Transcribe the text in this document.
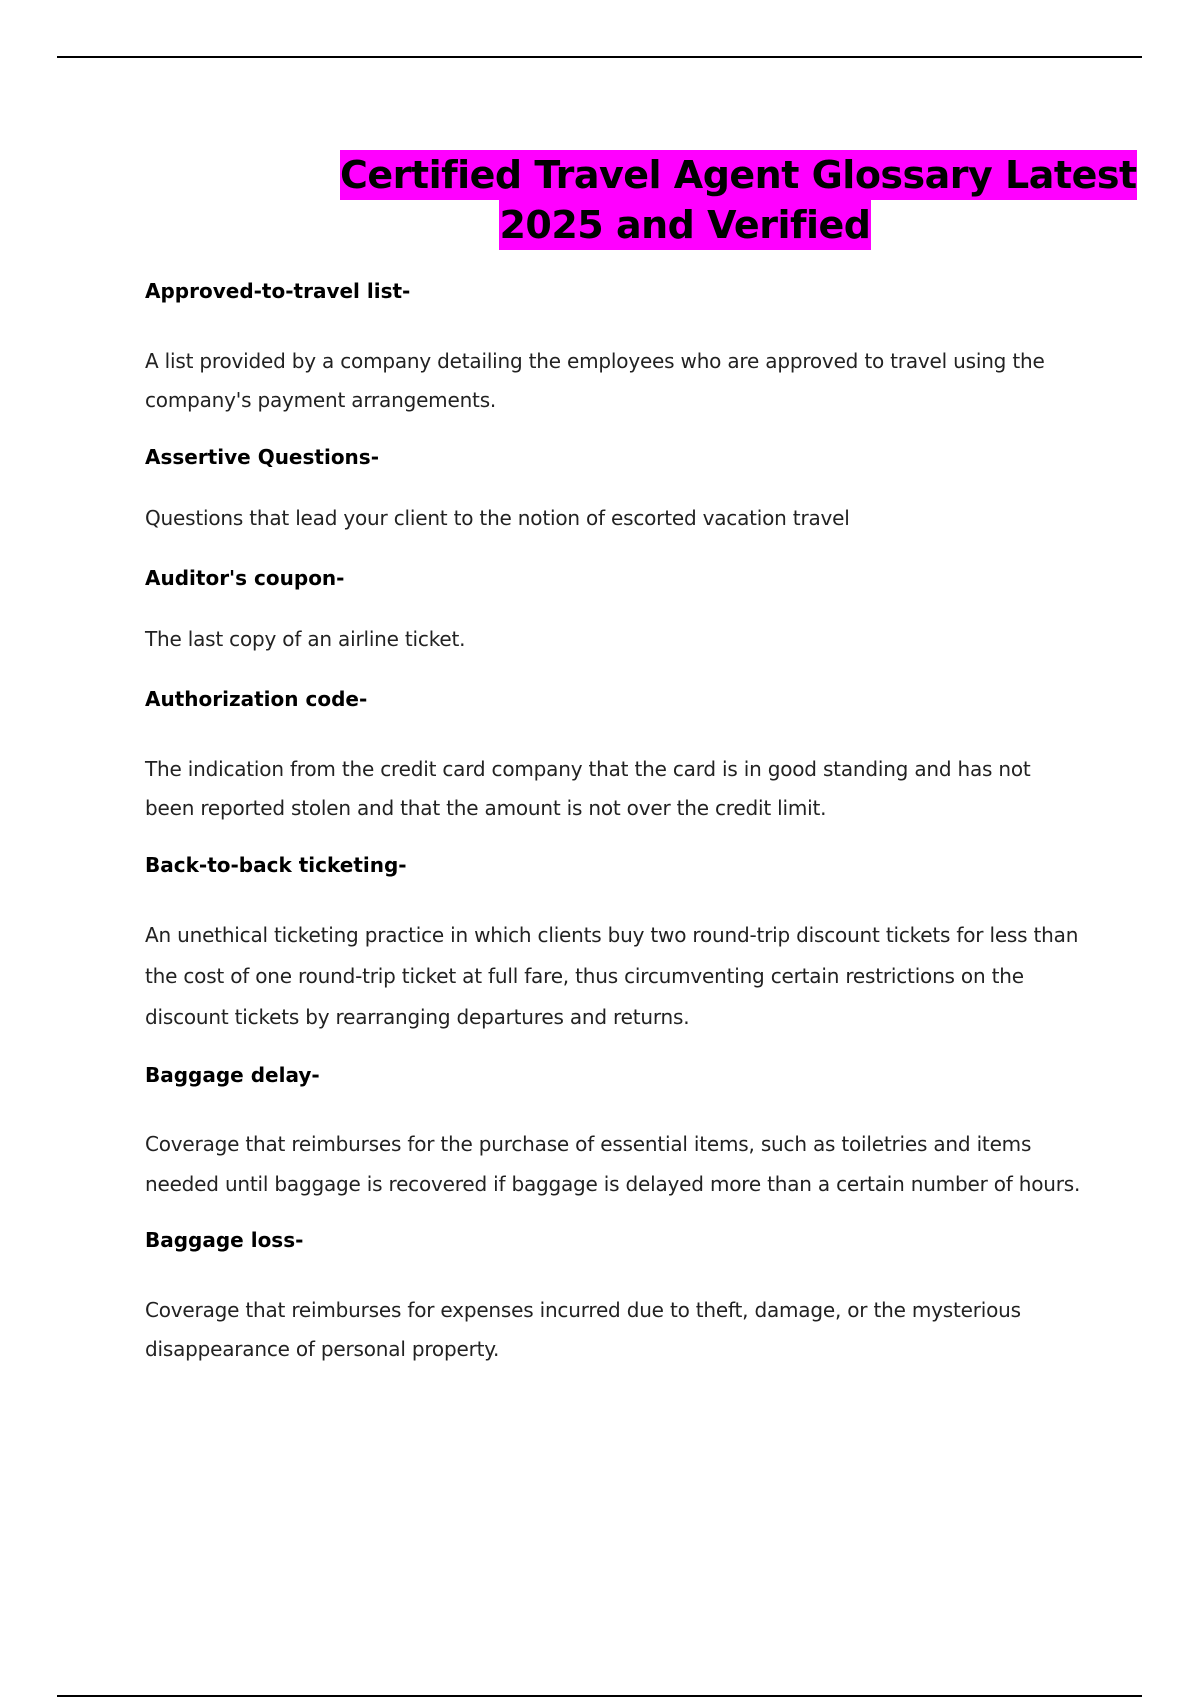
Certified Travel Agent Glossary Latest
2025 and Verified
Approved-to-travel list-
A list provided by a company detailing the employees who are approved to travel using the company's payment arrangements.
Assertive Questions-
Questions that lead your client to the notion of escorted vacation travel
Auditor's coupon-
The last copy of an airline ticket.
Authorization code-
The indication from the credit card company that the card is in good standing and has not been reported stolen and that the amount is not over the credit limit.
Back-to-back ticketing-
An unethical ticketing practice in which clients buy two round-trip discount tickets for less than the cost of one round-trip ticket at full fare, thus circumventing certain restrictions on the discount tickets by rearranging departures and returns.
Baggage delay-
Coverage that reimburses for the purchase of essential items, such as toiletries and items needed until baggage is recovered if baggage is delayed more than a certain number of hours.
Baggage loss-
Coverage that reimburses for expenses incurred due to theft, damage, or the mysterious disappearance of personal property.
